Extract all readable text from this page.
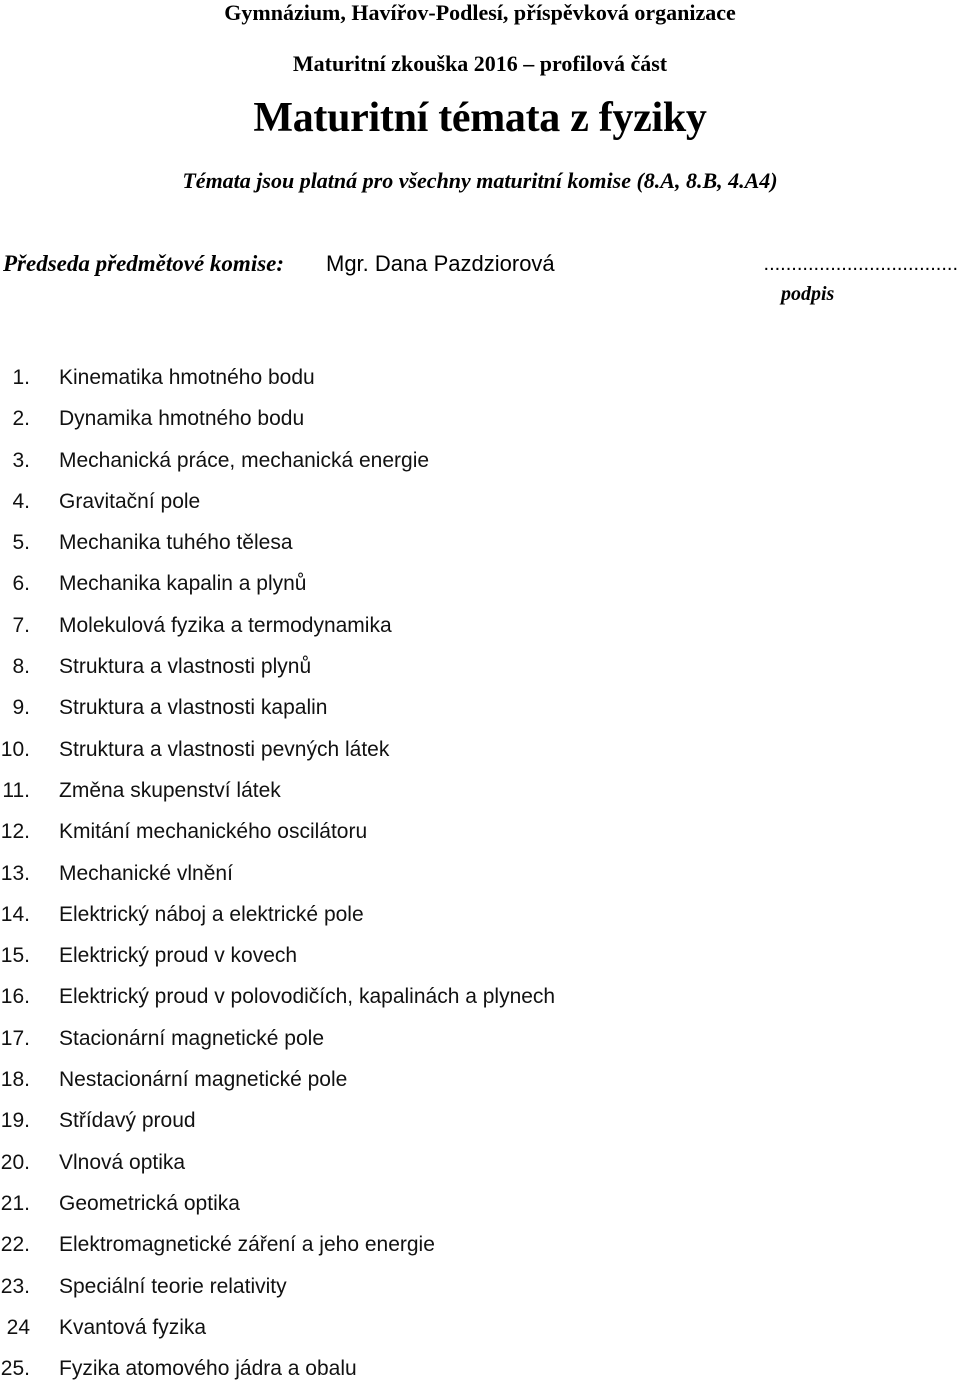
Gymnázium, Havířov-Podlesí, příspěvková organizace
Maturitní zkouška 2016 – profilová část
Maturitní témata z fyziky
Témata jsou platná pro všechny maturitní komise (8.A, 8.B, 4.A4)
Předseda předmětové komise: Mgr. Dana Pazdziorová	...................................
podpis
1. Kinematika hmotného bodu
2. Dynamika hmotného bodu
3. Mechanická práce, mechanická energie
4. Gravitační pole
5. Mechanika tuhého tělesa
6. Mechanika kapalin a plynů
7. Molekulová fyzika a termodynamika
8. Struktura a vlastnosti plynů
9. Struktura a vlastnosti kapalin
10. Struktura a vlastnosti pevných látek
11. Změna skupenství látek
12. Kmitání mechanického oscilátoru
13. Mechanické vlnění
14. Elektrický náboj a elektrické pole
15. Elektrický proud v kovech
16. Elektrický proud v polovodičích, kapalinách a plynech
17. Stacionární magnetické pole
18. Nestacionární magnetické pole
19. Střídavý proud
20. Vlnová optika
21. Geometrická optika
22. Elektromagnetické záření a jeho energie
23. Speciální teorie relativity
24 Kvantová fyzika
25. Fyzika atomového jádra a obalu
